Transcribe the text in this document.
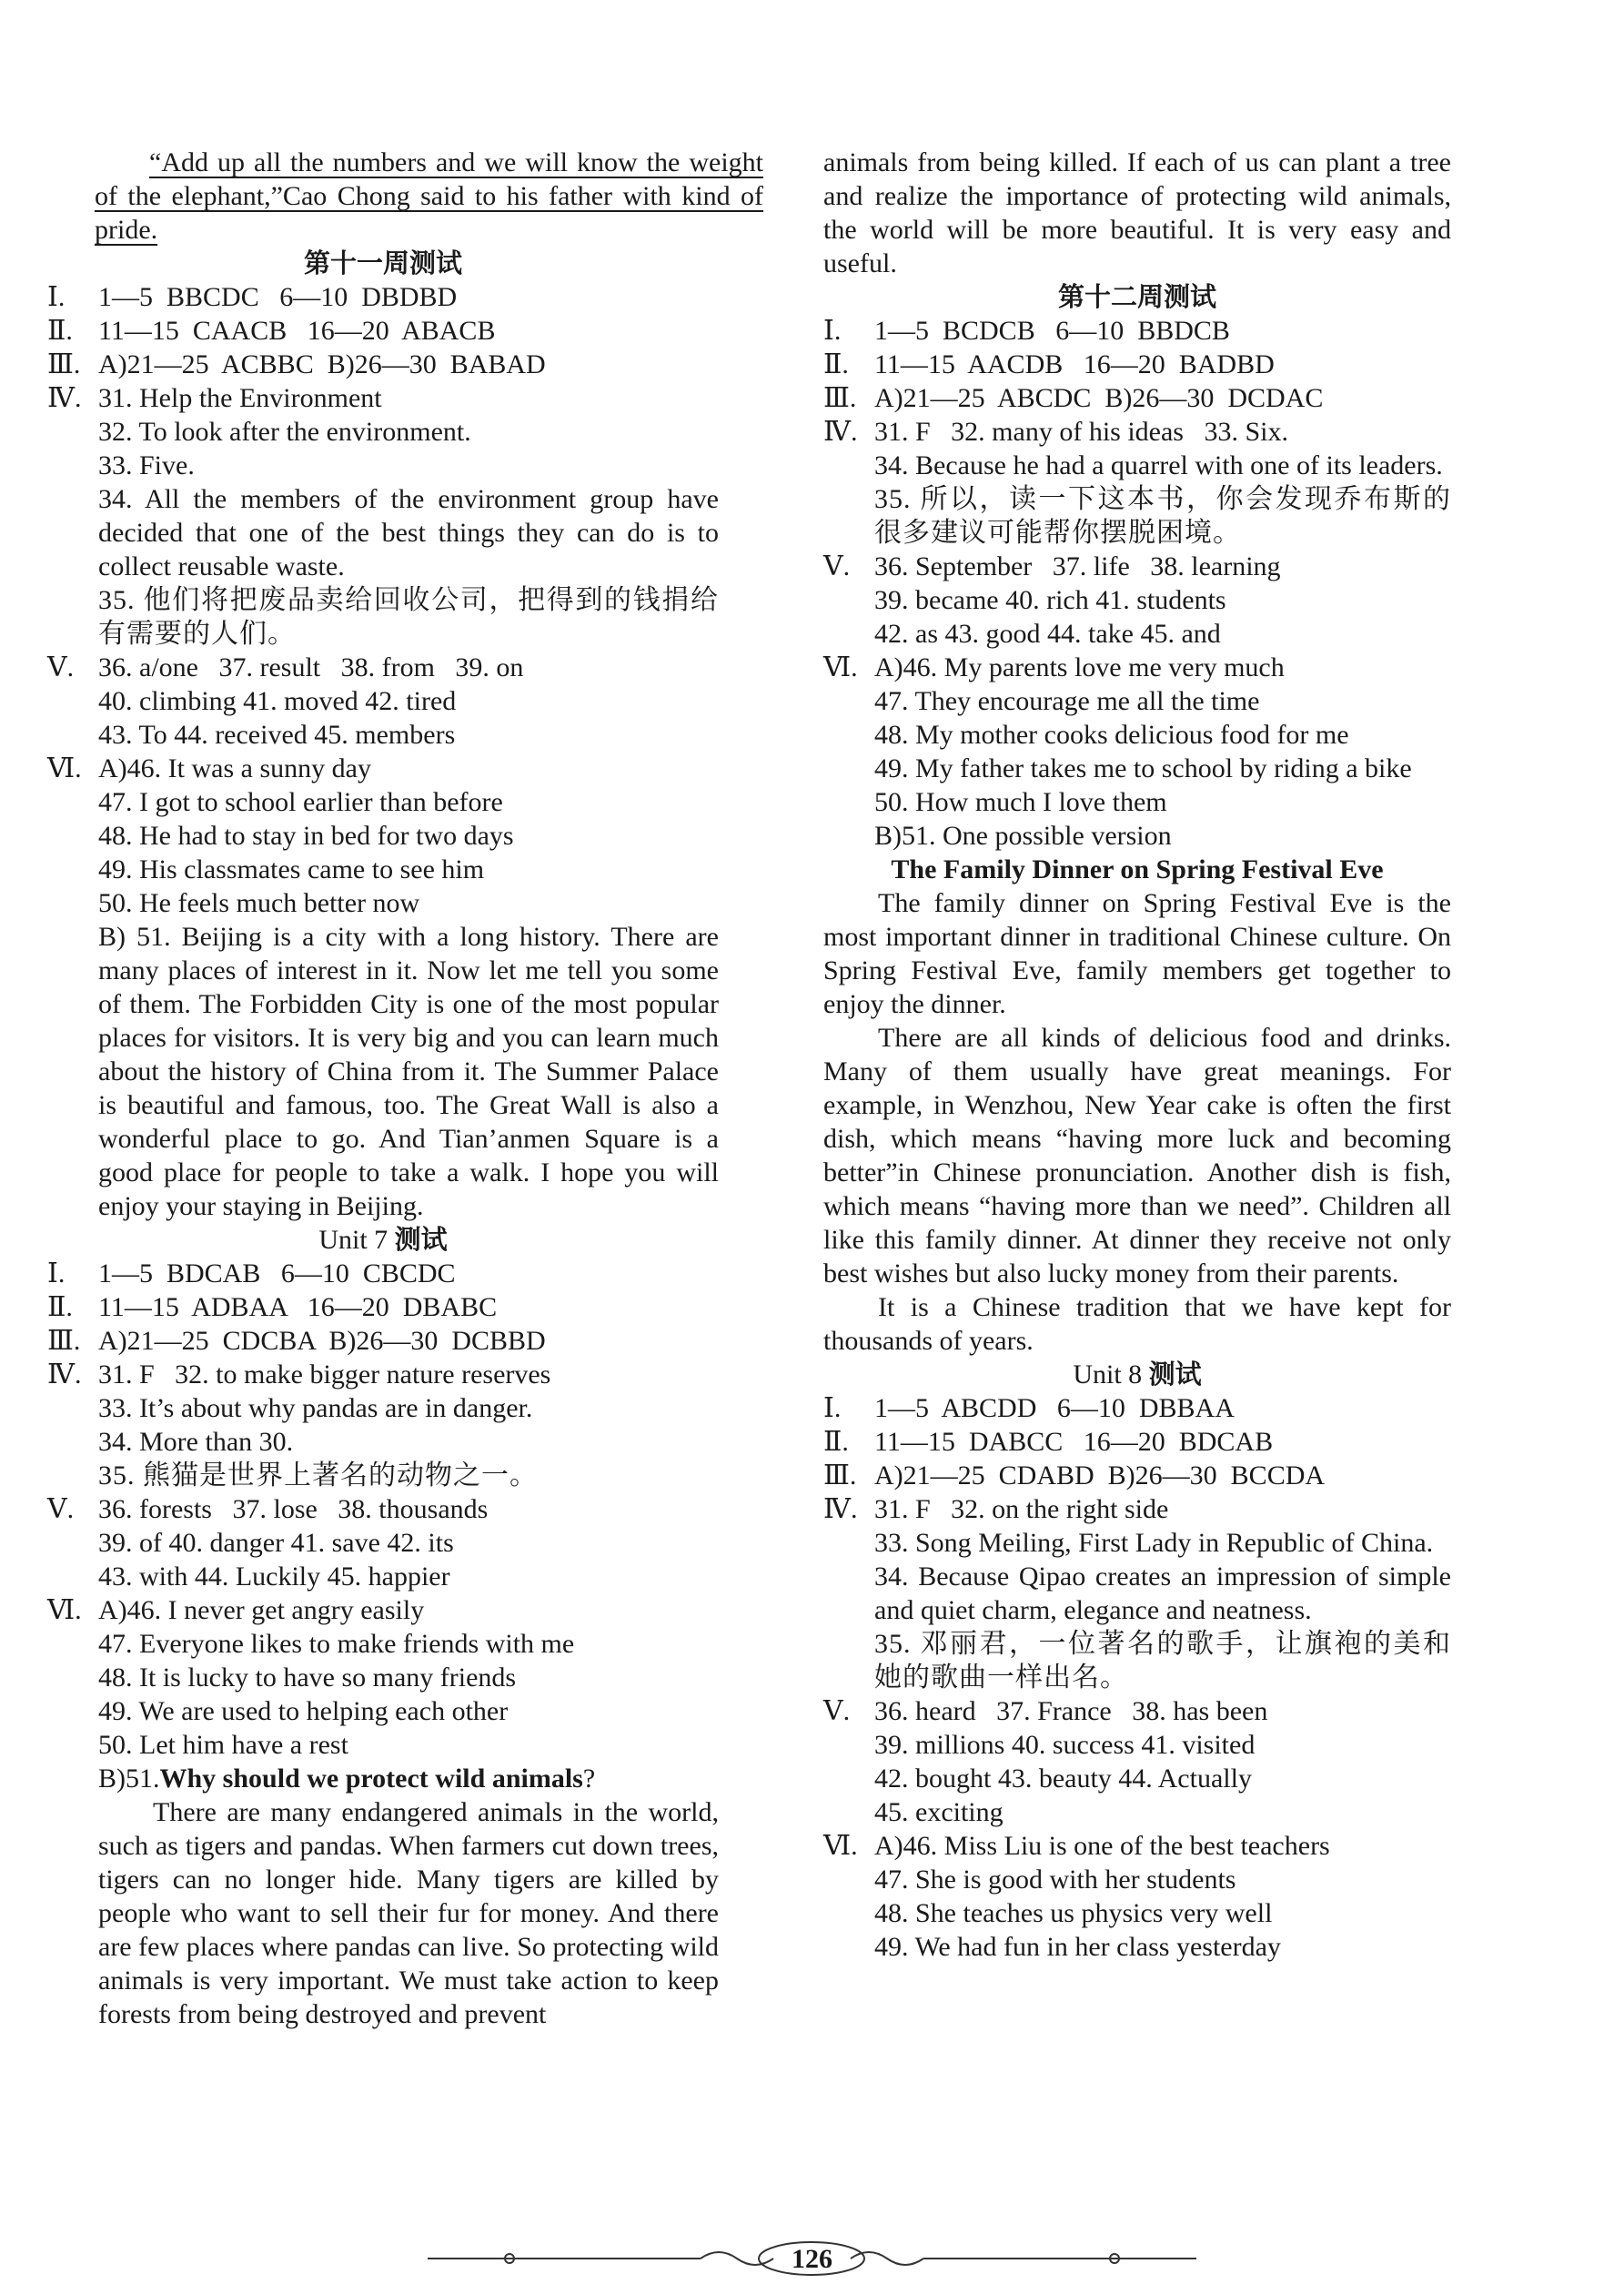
“Add up all the numbers and we will know the weight of the elephant,”Cao Chong said to his father with kind of pride.

第十一周测试
Ⅰ.	1—5  BBCDC   6—10  DBDBD
Ⅱ. 11—15  CAACB   16—20  ABACB
Ⅲ. A)21—25  ACBBC  B)26—30  BABAD
Ⅳ. 31. Help the Environment

32. To look after the environment.

33. Five.

34. All the members of the environment group have decided that one of the best things they can do is to collect reusable waste.

35. 他们将把废品卖给回收公司，把得到的钱捐给有需要的人们。

Ⅴ. 36. a/one   37. result   38. from   39. on

40. climbing 41. moved 42. tired

43. To 44. received 45. members

Ⅵ. A)46. It was a sunny day

47. I got to school earlier than before

48. He had to stay in bed for two days

49. His classmates came to see him

50. He feels much better now

B) 51. Beijing is a city with a long history. There are many places of interest in it. Now let me tell you some of them. The Forbidden City is one of the most popular places for visitors. It is very big and you can learn much about the history of China from it. The Summer Palace is beautiful and famous, too. The Great Wall is also a wonderful place to go. And Tian’anmen Square is a good place for people to take a walk. I hope you will enjoy your staying in Beijing.

Unit 7 测试
Ⅰ.	1—5  BDCAB   6—10  CBCDC
Ⅱ. 11—15  ADBAA   16—20  DBABC
Ⅲ. A)21—25  CDCBA  B)26—30  DCBBD
Ⅳ. 31. F   32. to make bigger nature reserves

33. It’s about why pandas are in danger.

34. More than 30.

35. 熊猫是世界上著名的动物之一。

Ⅴ. 36. forests   37. lose   38. thousands

39. of 40. danger 41. save 42. its

43. with 44. Luckily 45. happier

Ⅵ. A)46. I never get angry easily

47. Everyone likes to make friends with me

48. It is lucky to have so many friends

49. We are used to helping each other

50. Let him have a rest

B)51.Why should we protect wild animals?

There are many endangered animals in the world, such as tigers and pandas. When farmers cut down trees, tigers can no longer hide. Many tigers are killed by people who want to sell their fur for money. And there are few places where pandas can live. So protecting wild animals is very important. We must take action to keep forests from being destroyed and prevent

animals from being killed. If each of us can plant a tree and realize the importance of protecting wild animals, the world will be more beautiful. It is very easy and useful.

第十二周测试
Ⅰ.	1—5  BCDCB   6—10  BBDCB
Ⅱ. 11—15  AACDB   16—20  BADBD
Ⅲ. A)21—25  ABCDC  B)26—30  DCDAC
Ⅳ. 31. F   32. many of his ideas   33. Six.

34. Because he had a quarrel with one of its leaders.

35. 所以，读一下这本书，你会发现乔布斯的很多建议可能帮你摆脱困境。

Ⅴ. 36. September   37. life   38. learning

39. became 40. rich 41. students

42. as 43. good 44. take 45. and

Ⅵ. A)46. My parents love me very much

47. They encourage me all the time

48. My mother cooks delicious food for me

49. My father takes me to school by riding a bike

50. How much I love them

B)51. One possible version

The Family Dinner on Spring Festival Eve

The family dinner on Spring Festival Eve is the most important dinner in traditional Chinese culture. On Spring Festival Eve, family members get together to enjoy the dinner.

There are all kinds of delicious food and drinks. Many of them usually have great meanings. For example, in Wenzhou, New Year cake is often the first dish, which means “having more luck and becoming better”in Chinese pronunciation. Another dish is fish, which means “having more than we need”. Children all like this family dinner. At dinner they receive not only best wishes but also lucky money from their parents.

It is a Chinese tradition that we have kept for thousands of years.

Unit 8 测试
Ⅰ.	1—5  ABCDD   6—10  DBBAA
Ⅱ. 11—15  DABCC   16—20  BDCAB
Ⅲ. A)21—25  CDABD  B)26—30  BCCDA
Ⅳ. 31. F   32. on the right side

33. Song Meiling, First Lady in Republic of China.

34. Because Qipao creates an impression of simple and quiet charm, elegance and neatness.

35. 邓丽君，一位著名的歌手，让旗袍的美和她的歌曲一样出名。

Ⅴ. 36. heard   37. France   38. has been

39. millions 40. success 41. visited

42. bought 43. beauty 44. Actually

45. exciting

Ⅵ. A)46. Miss Liu is one of the best teachers

47. She is good with her students

48. She teaches us physics very well

49. We had fun in her class yesterday

126
